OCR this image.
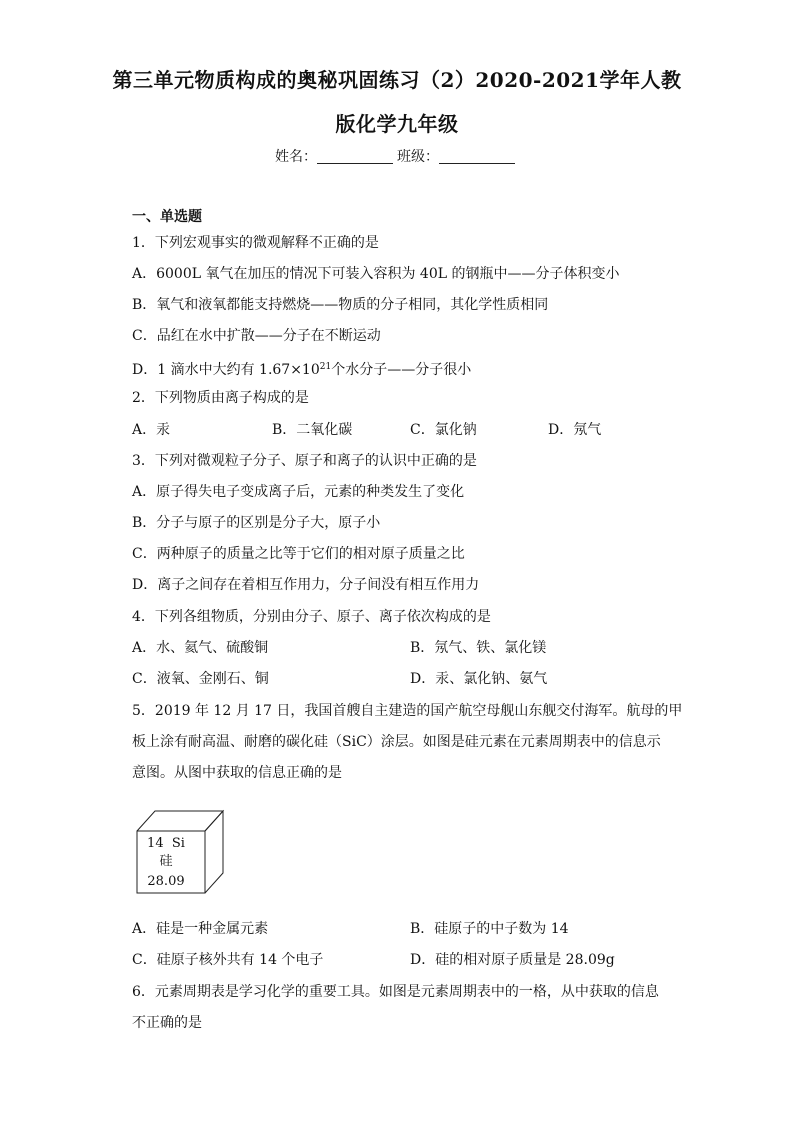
第三单元物质构成的奥秘巩固练习（2）2020-2021学年人教
版化学九年级
姓名：	班级：
一、单选题
1．下列宏观事实的微观解释不正确的是
A．6000L 氧气在加压的情况下可装入容积为 40L 的钢瓶中——分子体积变小
B．氧气和液氧都能支持燃烧——物质的分子相同，其化学性质相同
C．品红在水中扩散——分子在不断运动
D．1 滴水中大约有 $1.67\times 10^{21}$个水分子——分子很小
2．下列物质由离子构成的是
A．汞	B．二氧化碳	C．氯化钠	D．氖气
3．下列对微观粒子分子、原子和离子的认识中正确的是
A．原子得失电子变成离子后，元素的种类发生了变化
B．分子与原子的区别是分子大，原子小
C．两种原子的质量之比等于它们的相对原子质量之比
D．离子之间存在着相互作用力，分子间没有相互作用力
4．下列各组物质，分别由分子、原子、离子依次构成的是
A．水、氦气、硫酸铜	B．氖气、铁、氯化镁
C．液氧、金刚石、铜	D．汞、氯化钠、氨气
5．2019 年 12 月 17 日，我国首艘自主建造的国产航空母舰山东舰交付海军。航母的甲
板上涂有耐高温、耐磨的碳化硅（SiC）涂层。如图是硅元素在元素周期表中的信息示
意图。从图中获取的信息正确的是
14 Si
硅
28.09
A．硅是一种金属元素	B．硅原子的中子数为 14
C．硅原子核外共有 14 个电子	D．硅的相对原子质量是 28.09g
6．元素周期表是学习化学的重要工具。如图是元素周期表中的一格，从中获取的信息
不正确的是
